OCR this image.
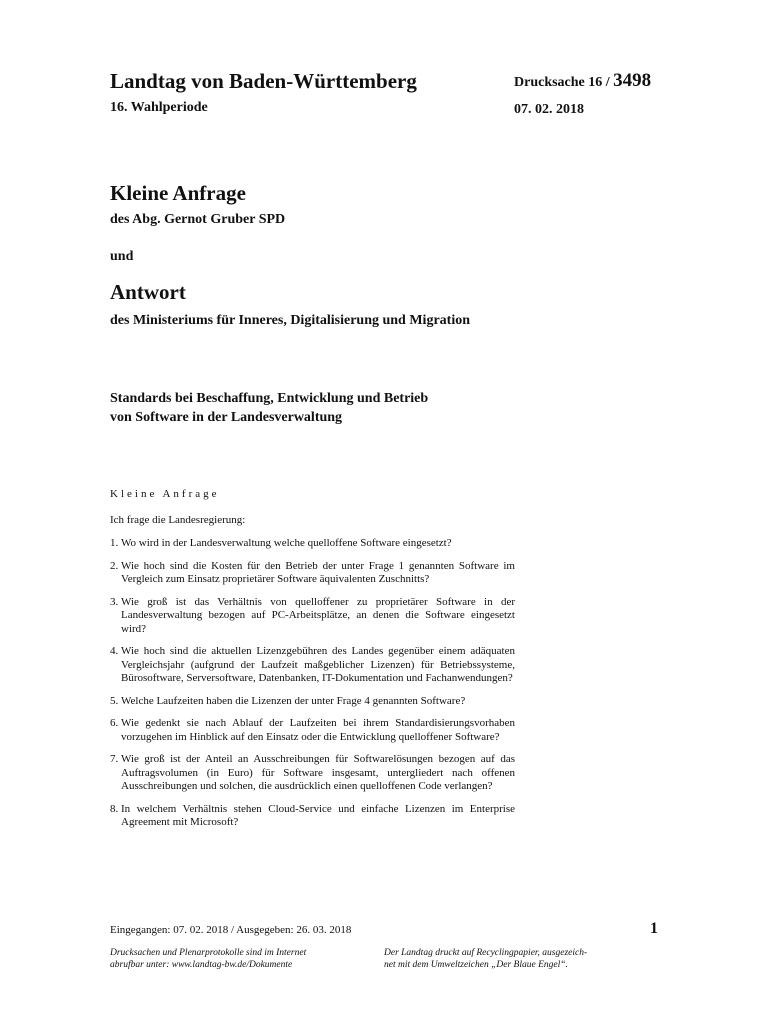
Landtag von Baden-Württemberg
16. Wahlperiode
Drucksache 16 / 3498
07. 02. 2018
Kleine Anfrage
des Abg. Gernot Gruber SPD
und
Antwort
des Ministeriums für Inneres, Digitalisierung und Migration
Standards bei Beschaffung, Entwicklung und Betrieb
von Software in der Landesverwaltung
Kleine Anfrage
Ich frage die Landesregierung:
1. Wo wird in der Landesverwaltung welche quelloffene Software eingesetzt?
2. Wie hoch sind die Kosten für den Betrieb der unter Frage 1 genannten Software im Vergleich zum Einsatz proprietärer Software äquivalenten Zuschnitts?
3. Wie groß ist das Verhältnis von quelloffener zu proprietärer Software in der Landesverwaltung bezogen auf PC-Arbeitsplätze, an denen die Software eingesetzt wird?
4. Wie hoch sind die aktuellen Lizenzgebühren des Landes gegenüber einem adäquaten Vergleichsjahr (aufgrund der Laufzeit maßgeblicher Lizenzen) für Betriebssysteme, Bürosoftware, Serversoftware, Datenbanken, IT-Dokumentation und Fachanwendungen?
5. Welche Laufzeiten haben die Lizenzen der unter Frage 4 genannten Software?
6. Wie gedenkt sie nach Ablauf der Laufzeiten bei ihrem Standardisierungsvorhaben vorzugehen im Hinblick auf den Einsatz oder die Entwicklung quelloffener Software?
7. Wie groß ist der Anteil an Ausschreibungen für Softwarelösungen bezogen auf das Auftragsvolumen (in Euro) für Software insgesamt, untergliedert nach offenen Ausschreibungen und solchen, die ausdrücklich einen quelloffenen Code verlangen?
8. In welchem Verhältnis stehen Cloud-Service und einfache Lizenzen im Enterprise Agreement mit Microsoft?
Eingegangen: 07. 02. 2018 / Ausgegeben: 26. 03. 2018	1
Drucksachen und Plenarprotokolle sind im Internet
abrufbar unter: www.landtag-bw.de/Dokumente
Der Landtag druckt auf Recyclingpapier, ausgezeich-
net mit dem Umweltzeichen „Der Blaue Engel“.
